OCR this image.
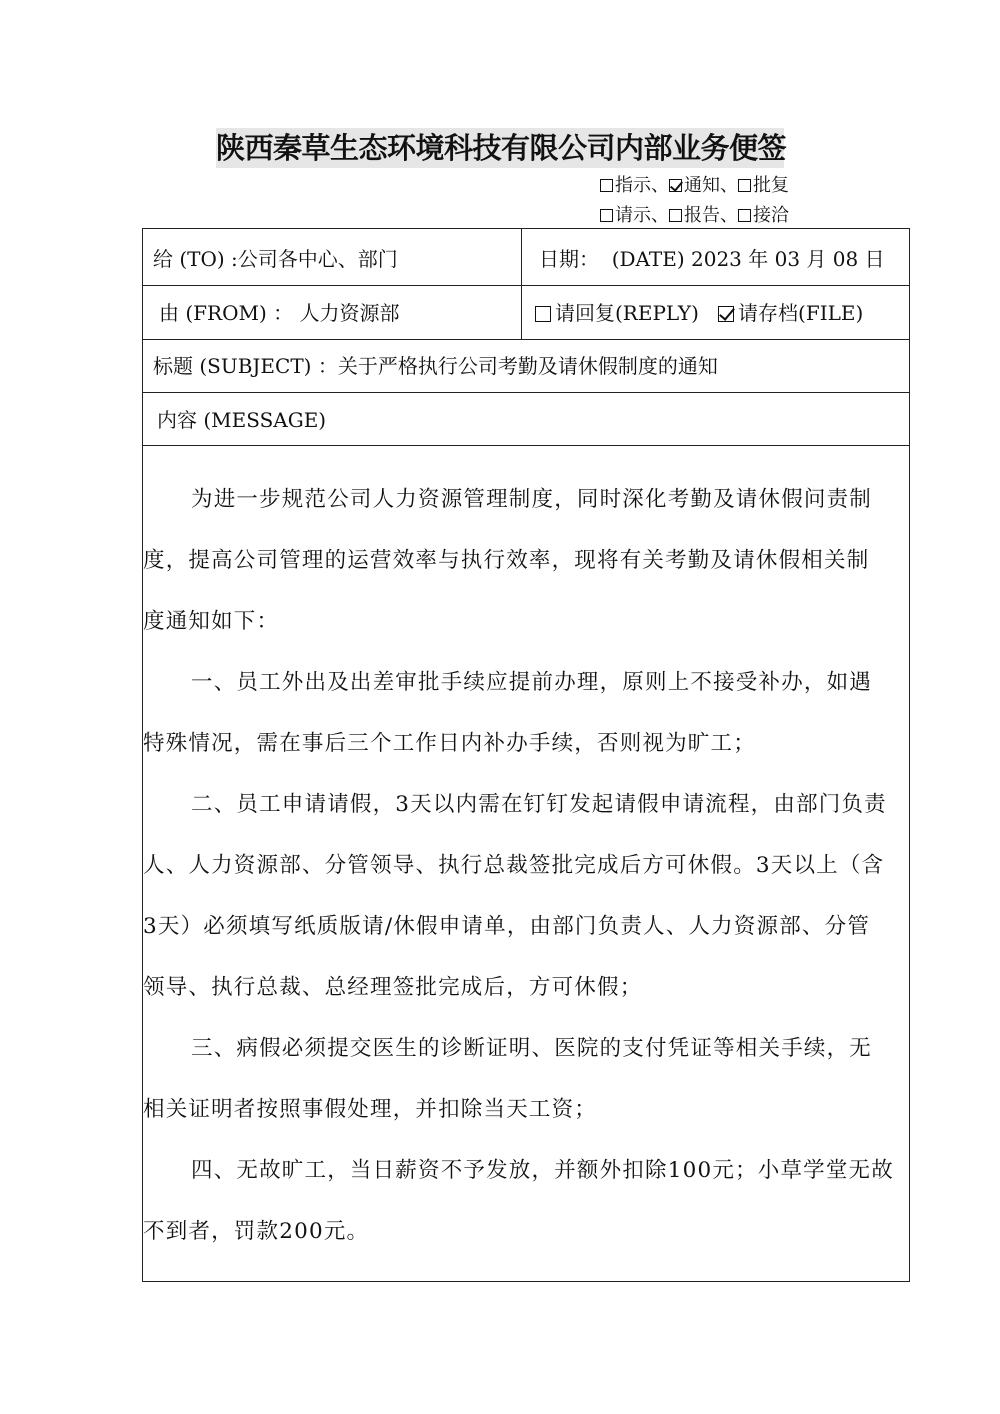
陕西秦草生态环境科技有限公司内部业务便签
指示、 通知、 批复
请示、 报告、 接洽
给 (TO) :公司各中心、部门	日期： (DATE) 2023 年 03 月 08 日
由 (FROM) ： 人力资源部	请回复(REPLY) 请存档(FILE)
标题 (SUBJECT) ：关于严格执行公司考勤及请休假制度的通知
内容 (MESSAGE)

为进一步规范公司人力资源管理制度，同时深化考勤及请休假问责制

度，提高公司管理的运营效率与执行效率，现将有关考勤及请休假相关制

度通知如下：

一、员工外出及出差审批手续应提前办理，原则上不接受补办，如遇

特殊情况，需在事后三个工作日内补办手续，否则视为旷工；

二、员工申请请假，3天以内需在钉钉发起请假申请流程，由部门负责

人、人力资源部、分管领导、执行总裁签批完成后方可休假。3天以上（含

3天）必须填写纸质版请/休假申请单，由部门负责人、人力资源部、分管

领导、执行总裁、总经理签批完成后，方可休假；

三、病假必须提交医生的诊断证明、医院的支付凭证等相关手续，无

相关证明者按照事假处理，并扣除当天工资；

四、无故旷工，当日薪资不予发放，并额外扣除100元；小草学堂无故

不到者，罚款200元。
